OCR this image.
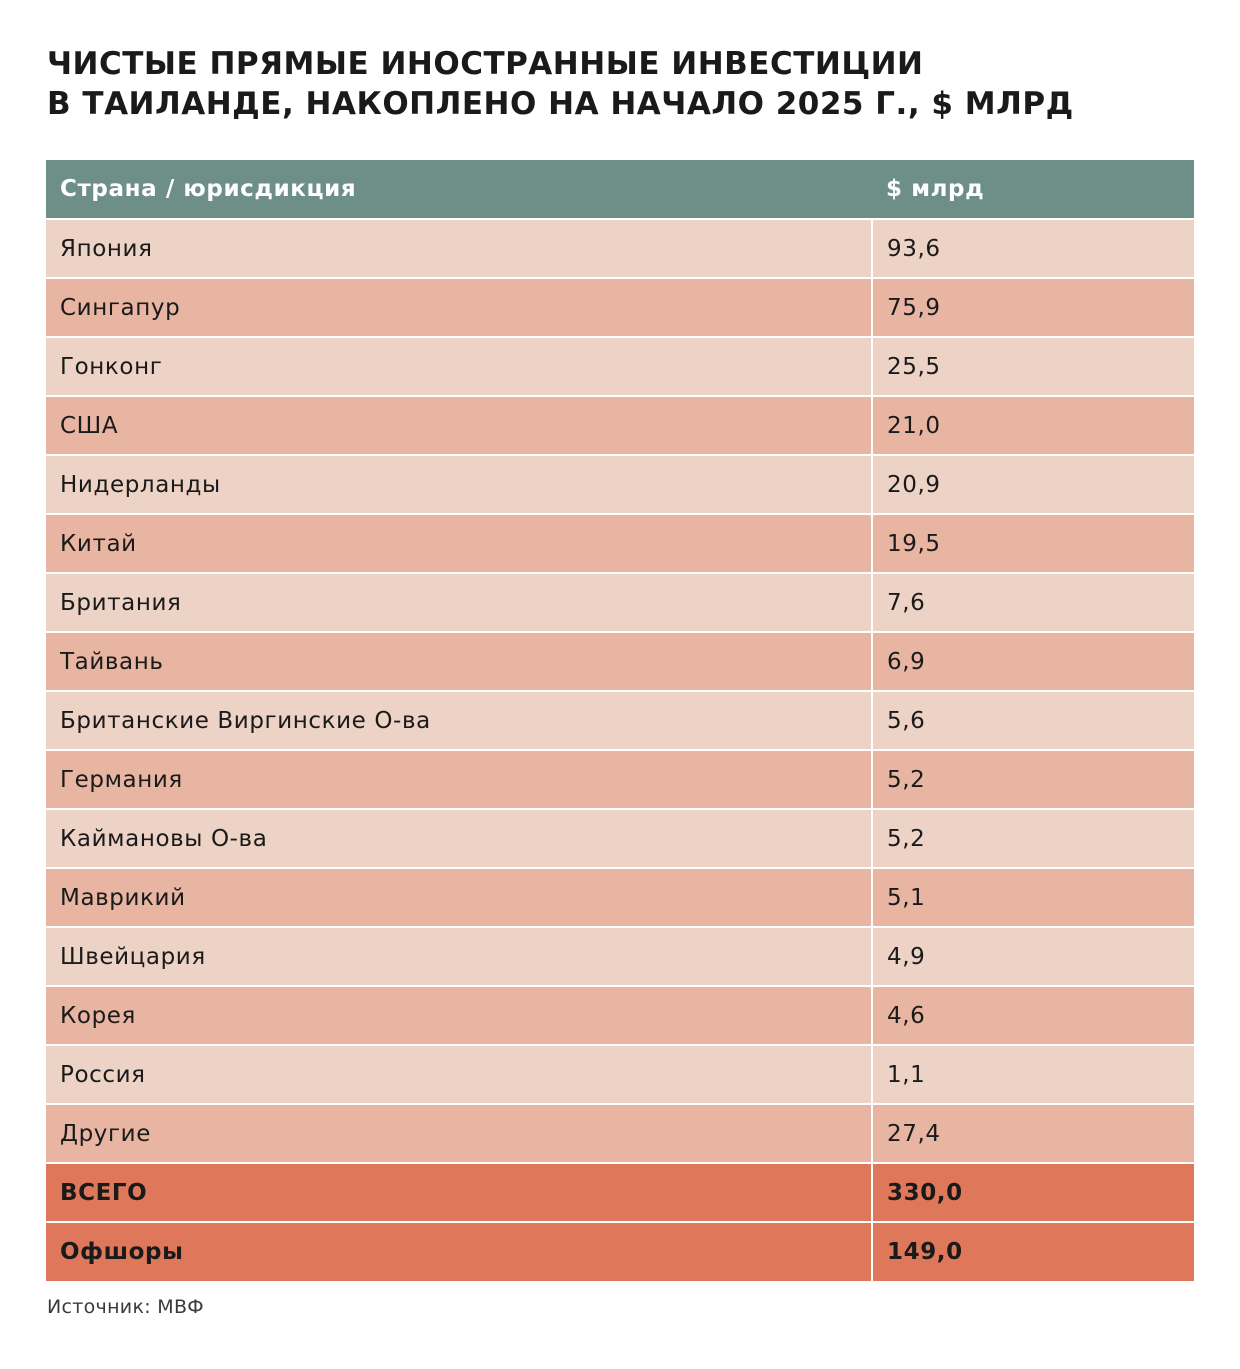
ЧИСТЫЕ ПРЯМЫЕ ИНОСТРАННЫЕ ИНВЕСТИЦИИ
В ТАИЛАНДЕ, НАКОПЛЕНО НА НАЧАЛО 2025 Г., $ МЛРД
Страна / юрисдикция	$ млрд
Япония	93,6
Сингапур	75,9
Гонконг	25,5
США	21,0
Нидерланды	20,9
Китай	19,5
Британия	7,6
Тайвань	6,9
Британские Виргинские О-ва	5,6
Германия	5,2
Каймановы О-ва	5,2
Маврикий	5,1
Швейцария	4,9
Корея	4,6
Россия	1,1
Другие	27,4
ВСЕГО	330,0
Офшоры	149,0
Источник: МВФ
